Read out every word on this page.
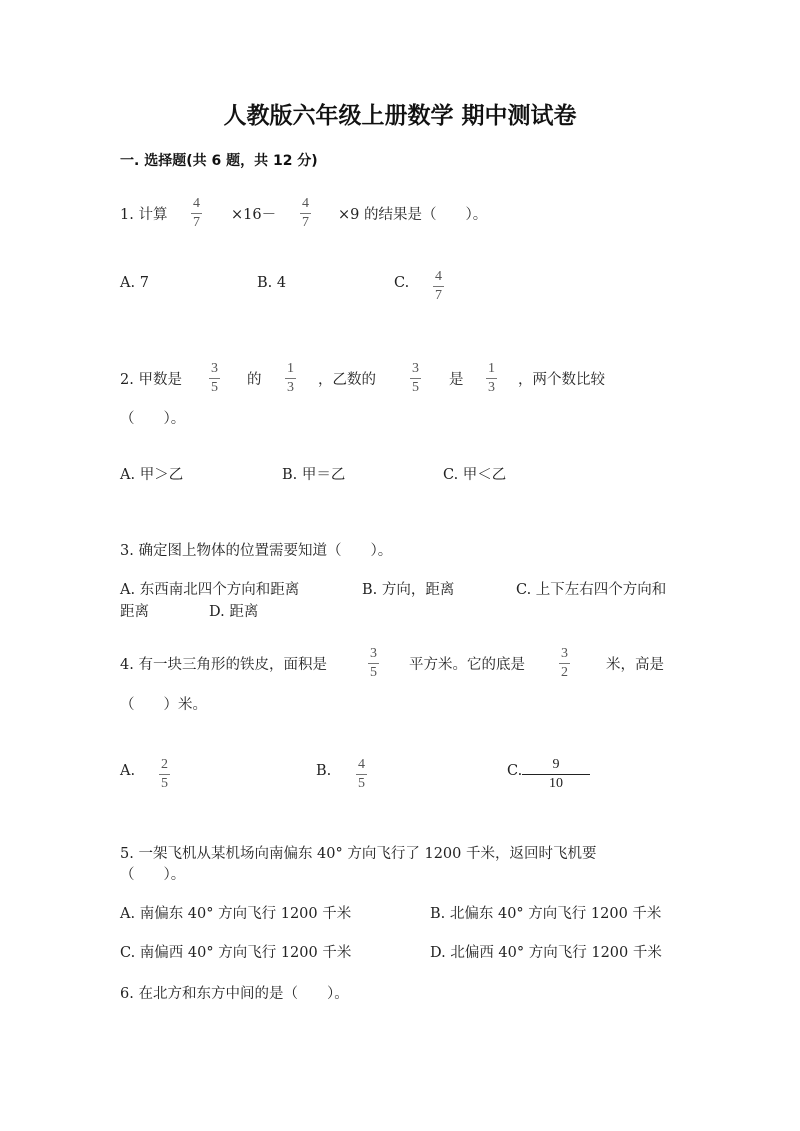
人教版六年级上册数学 期中测试卷
一. 选择题(共 6 题，共 12 分)
1. 计算
4
7 ×16－
4
7 ×9 的结果是（　　）。
A. 7	B. 4	C. 4
7
2. 甲数是
3
5 的
1
3 ，乙数的
3
5 是
1
3 ，两个数比较
（　　）。
A. 甲＞乙	B. 甲＝乙	C. 甲＜乙
3. 确定图上物体的位置需要知道（　　）。
A. 东西南北四个方向和距离	B. 方向，距离	C. 上下左右四个方向和
距离	D. 距离
4. 有一块三角形的铁皮，面积是
3
5 平方米。它的底是
3
2	米，高是
（　　）米。
A. 2
5
B. 4
5
C. 9
10
5. 一架飞机从某机场向南偏东 40° 方向飞行了 1200 千米，返回时飞机要
（　　）。
A. 南偏东 40° 方向飞行 1200 千米	B. 北偏东 40° 方向飞行 1200 千米
C. 南偏西 40° 方向飞行 1200 千米	D. 北偏西 40° 方向飞行 1200 千米
6. 在北方和东方中间的是（　　）。
